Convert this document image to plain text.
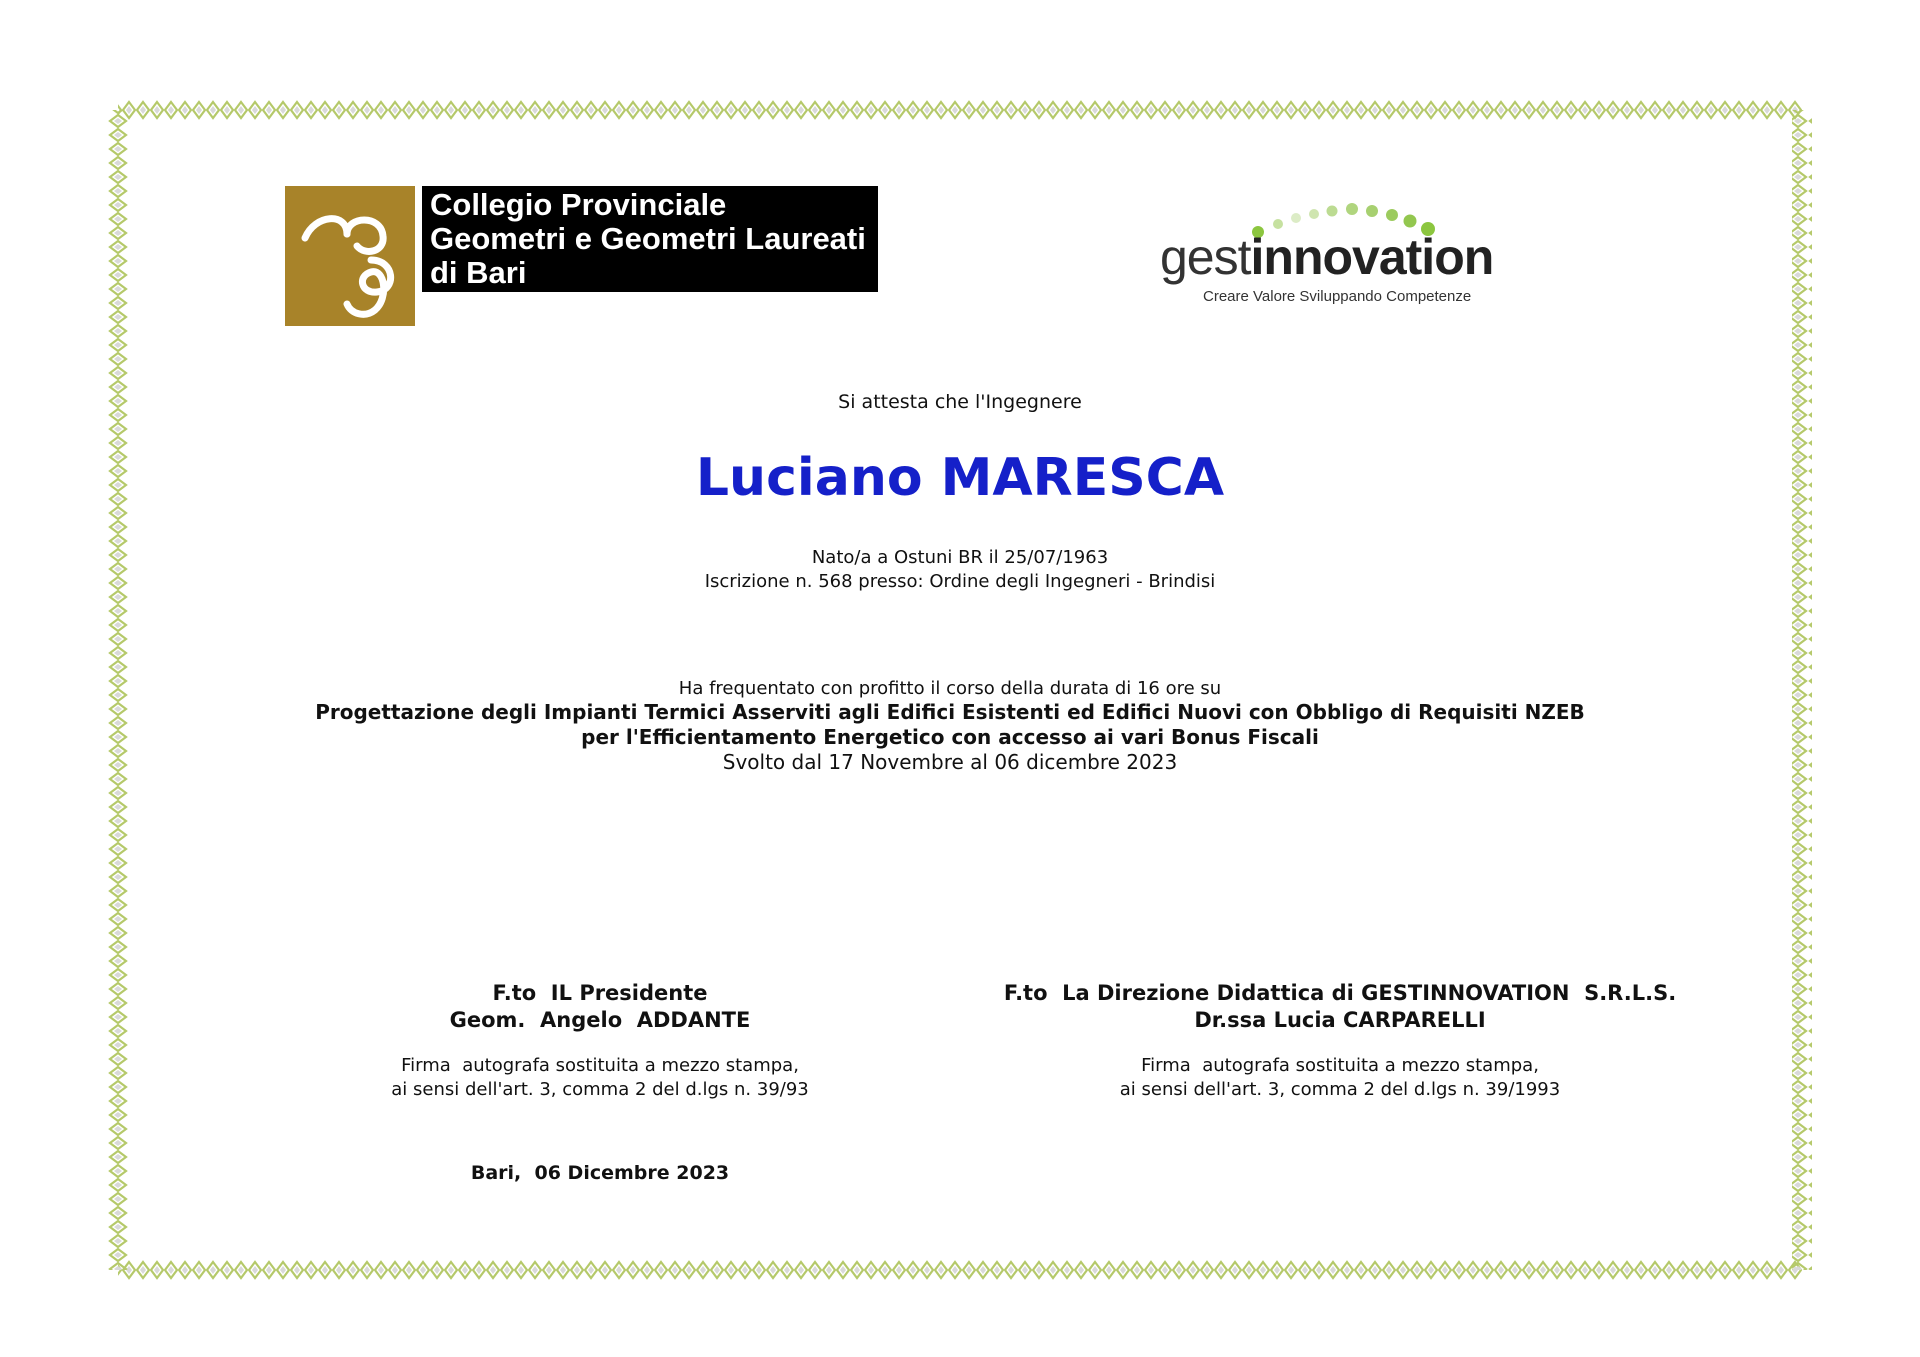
Collegio Provinciale
Geometri e Geometri Laureati
di Bari	gestinnovation
Creare Valore Sviluppando Competenze
Si attesta che l'Ingegnere
Luciano MARESCA
Nato/a a Ostuni BR il 25/07/1963
Iscrizione n. 568 presso: Ordine degli Ingegneri - Brindisi
Ha frequentato con profitto il corso della durata di 16 ore su
Progettazione degli Impianti Termici Asserviti agli Edifici Esistenti ed Edifici Nuovi con Obbligo di Requisiti NZEB
per l'Efficientamento Energetico con accesso ai vari Bonus Fiscali
Svolto dal 17 Novembre al 06 dicembre 2023
F.to  IL Presidente
Geom.  Angelo  ADDANTE
Firma  autografa sostituita a mezzo stampa,
ai sensi dell'art. 3, comma 2 del d.lgs n. 39/93
F.to  La Direzione Didattica di GESTINNOVATION  S.R.L.S.
Dr.ssa Lucia CARPARELLI
Firma  autografa sostituita a mezzo stampa,
ai sensi dell'art. 3, comma 2 del d.lgs n. 39/1993
Bari,  06 Dicembre 2023
